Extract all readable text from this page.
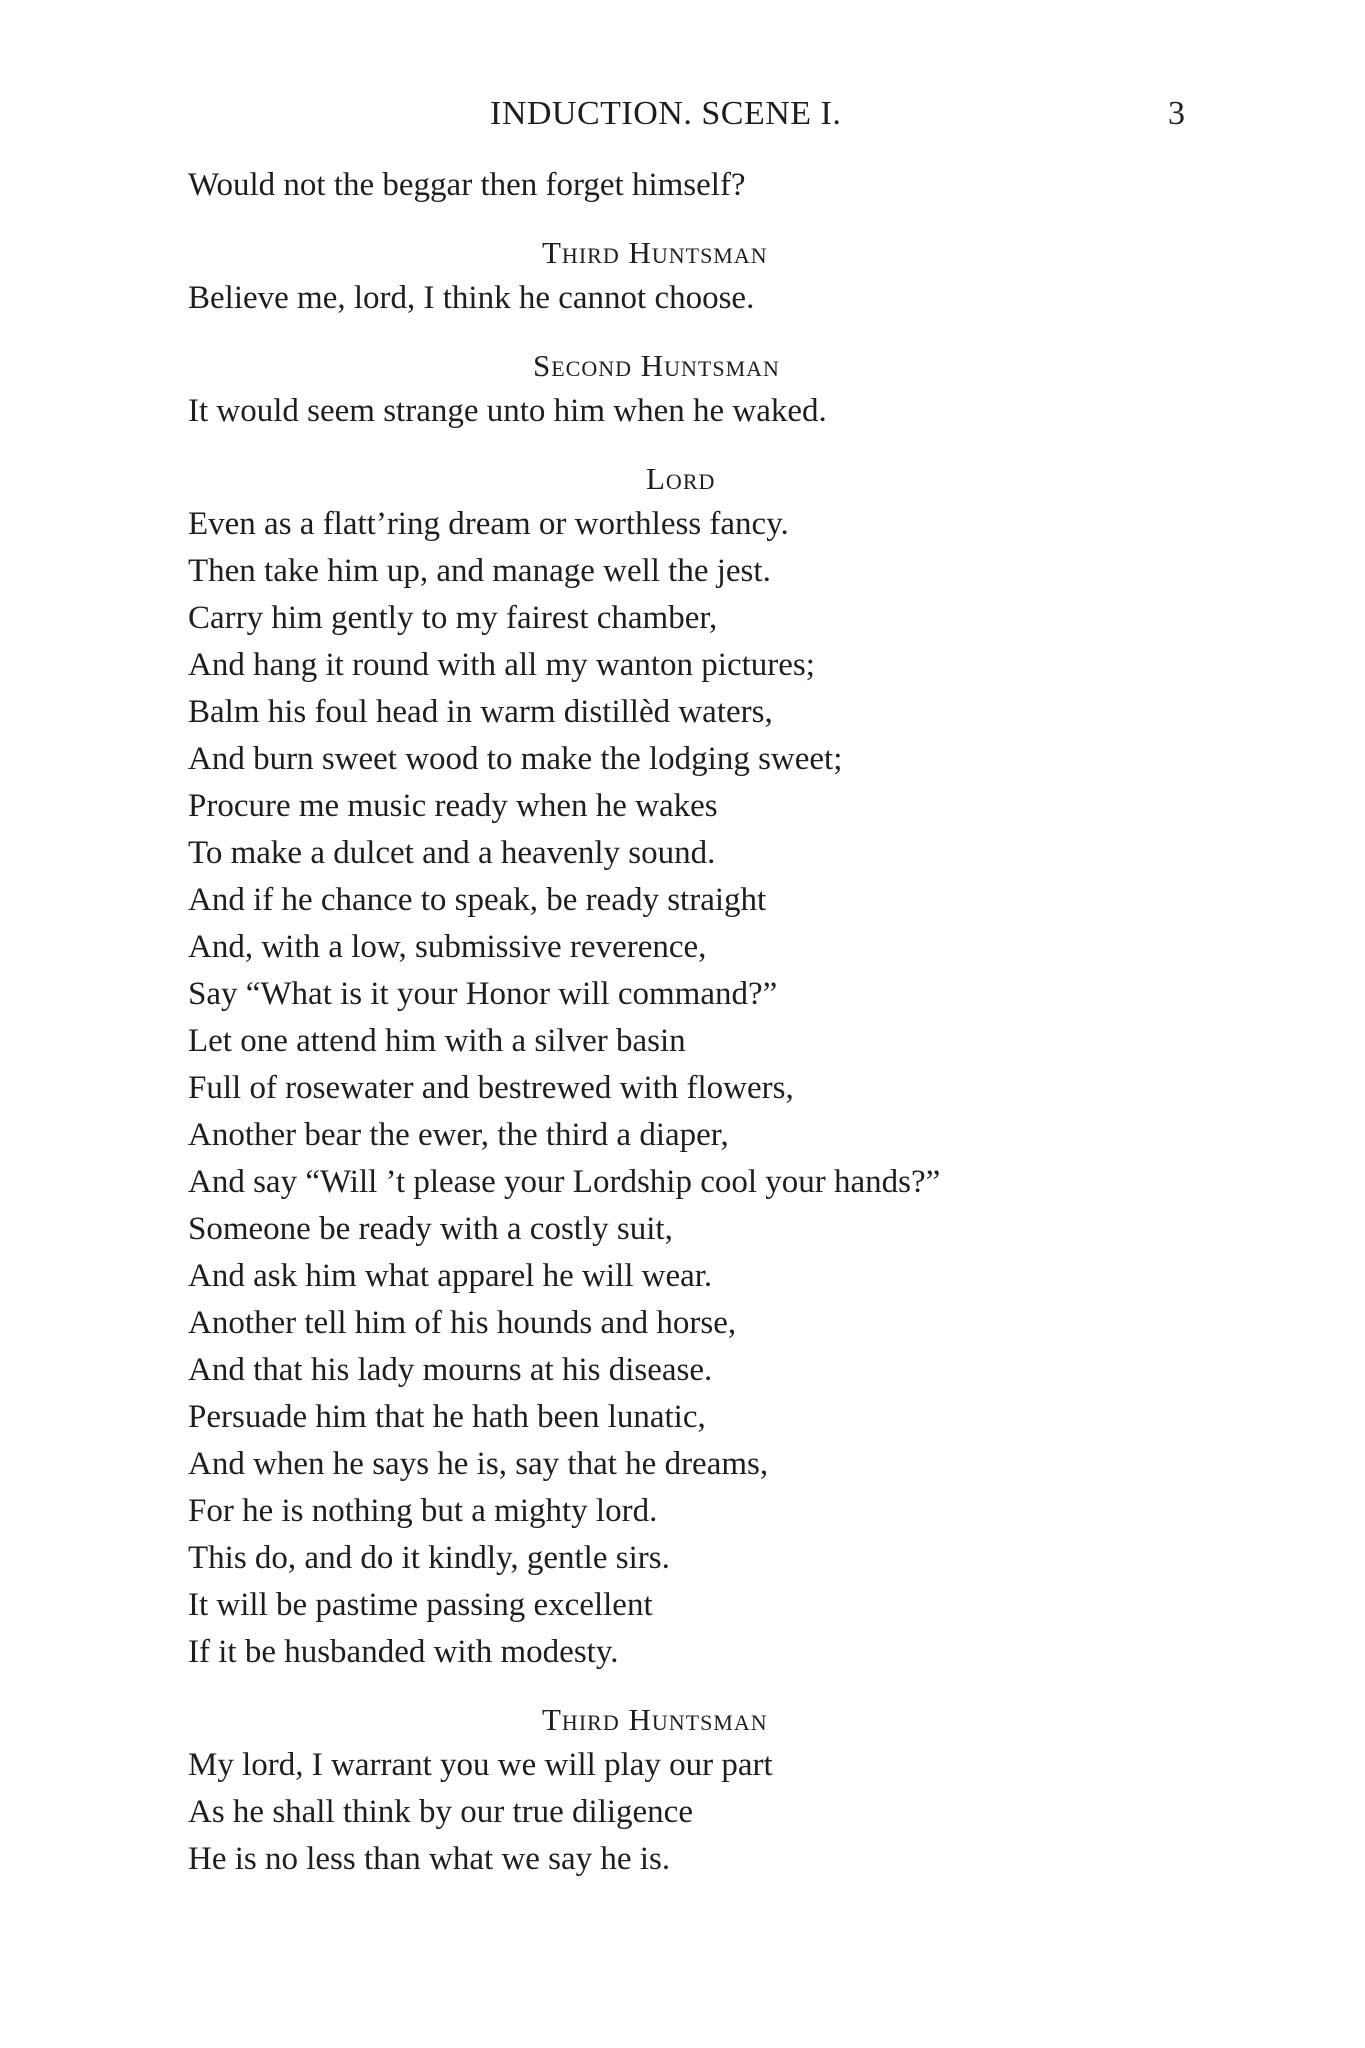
INDUCTION. SCENE I.	3
Would not the beggar then forget himself?
Third Huntsman
Believe me, lord, I think he cannot choose.
Second Huntsman
It would seem strange unto him when he waked.
Lord
Even as a flatt’ring dream or worthless fancy.
Then take him up, and manage well the jest.
Carry him gently to my fairest chamber,
And hang it round with all my wanton pictures;
Balm his foul head in warm distillèd waters,
And burn sweet wood to make the lodging sweet;
Procure me music ready when he wakes
To make a dulcet and a heavenly sound.
And if he chance to speak, be ready straight
And, with a low, submissive reverence,
Say “What is it your Honor will command?”
Let one attend him with a silver basin
Full of rosewater and bestrewed with flowers,
Another bear the ewer, the third a diaper,
And say “Will ’t please your Lordship cool your hands?”
Someone be ready with a costly suit,
And ask him what apparel he will wear.
Another tell him of his hounds and horse,
And that his lady mourns at his disease.
Persuade him that he hath been lunatic,
And when he says he is, say that he dreams,
For he is nothing but a mighty lord.
This do, and do it kindly, gentle sirs.
It will be pastime passing excellent
If it be husbanded with modesty.
Third Huntsman
My lord, I warrant you we will play our part
As he shall think by our true diligence
He is no less than what we say he is.
